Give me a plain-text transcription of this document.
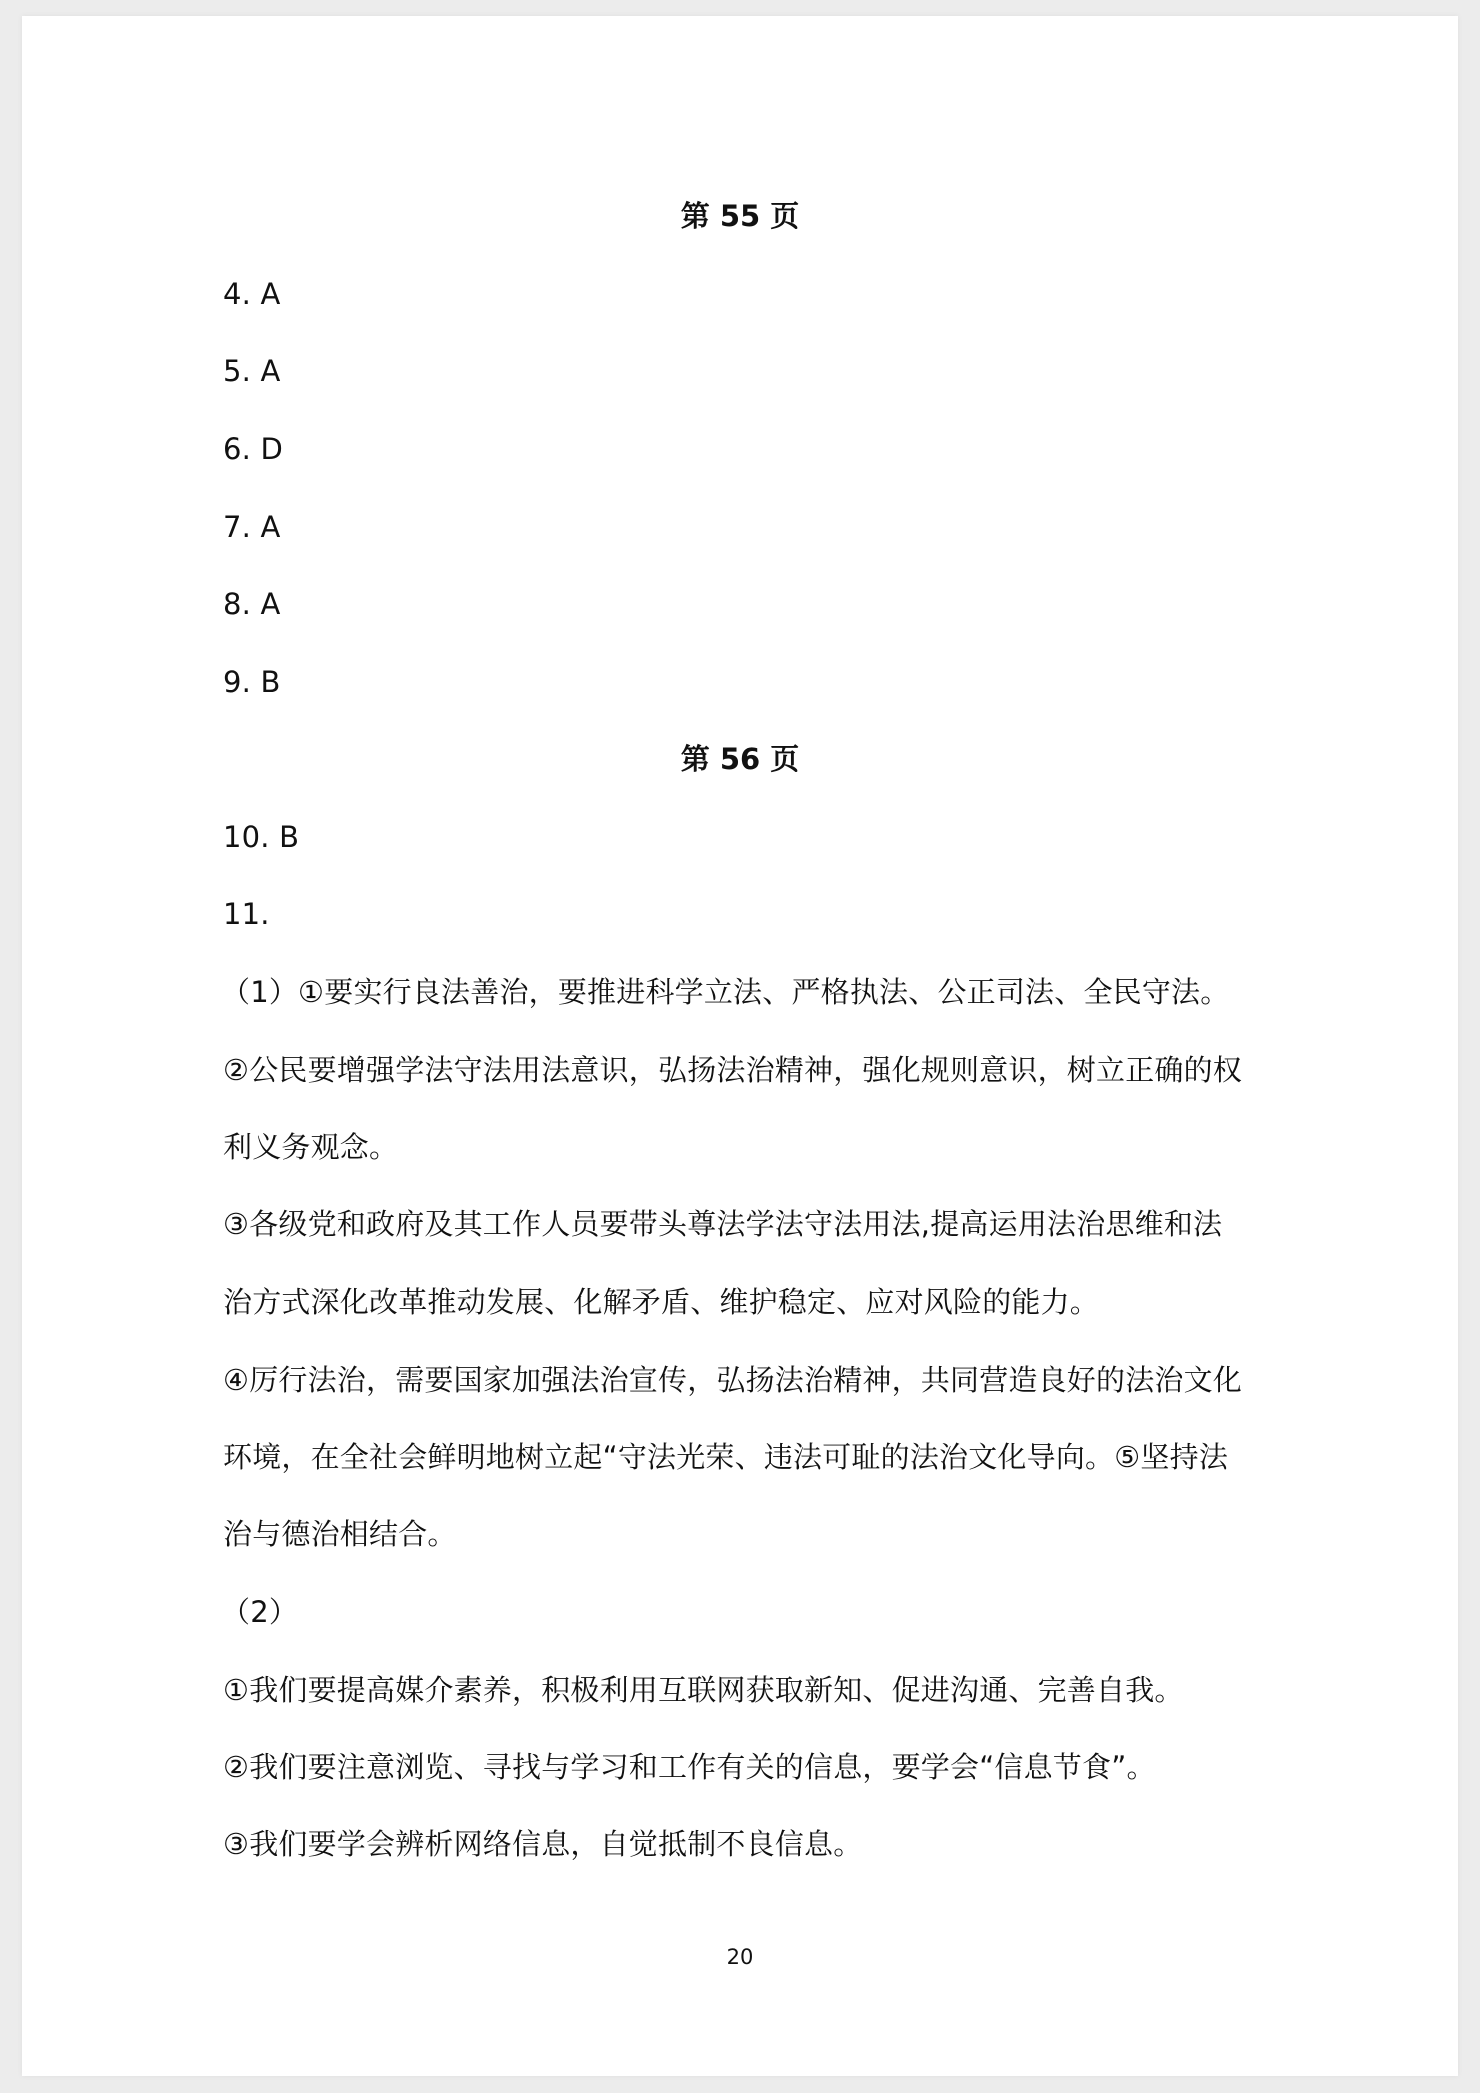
第 55 页
4. A
5. A
6. D
7. A
8. A
9. B
第 56 页
10. B
11.
（1）①要实行良法善治，要推进科学立法、严格执法、公正司法、全民守法。
②公民要增强学法守法用法意识，弘扬法治精神，强化规则意识，树立正确的权
利义务观念。
③各级党和政府及其工作人员要带头尊法学法守法用法,提高运用法治思维和法
治方式深化改革推动发展、化解矛盾、维护稳定、应对风险的能力。
④厉行法治，需要国家加强法治宣传，弘扬法治精神，共同营造良好的法治文化
环境，在全社会鲜明地树立起“守法光荣、违法可耻的法治文化导向。⑤坚持法
治与德治相结合。
（2）
①我们要提高媒介素养，积极利用互联网获取新知、促进沟通、完善自我。
②我们要注意浏览、寻找与学习和工作有关的信息，要学会“信息节食”。
③我们要学会辨析网络信息，自觉抵制不良信息。
20
